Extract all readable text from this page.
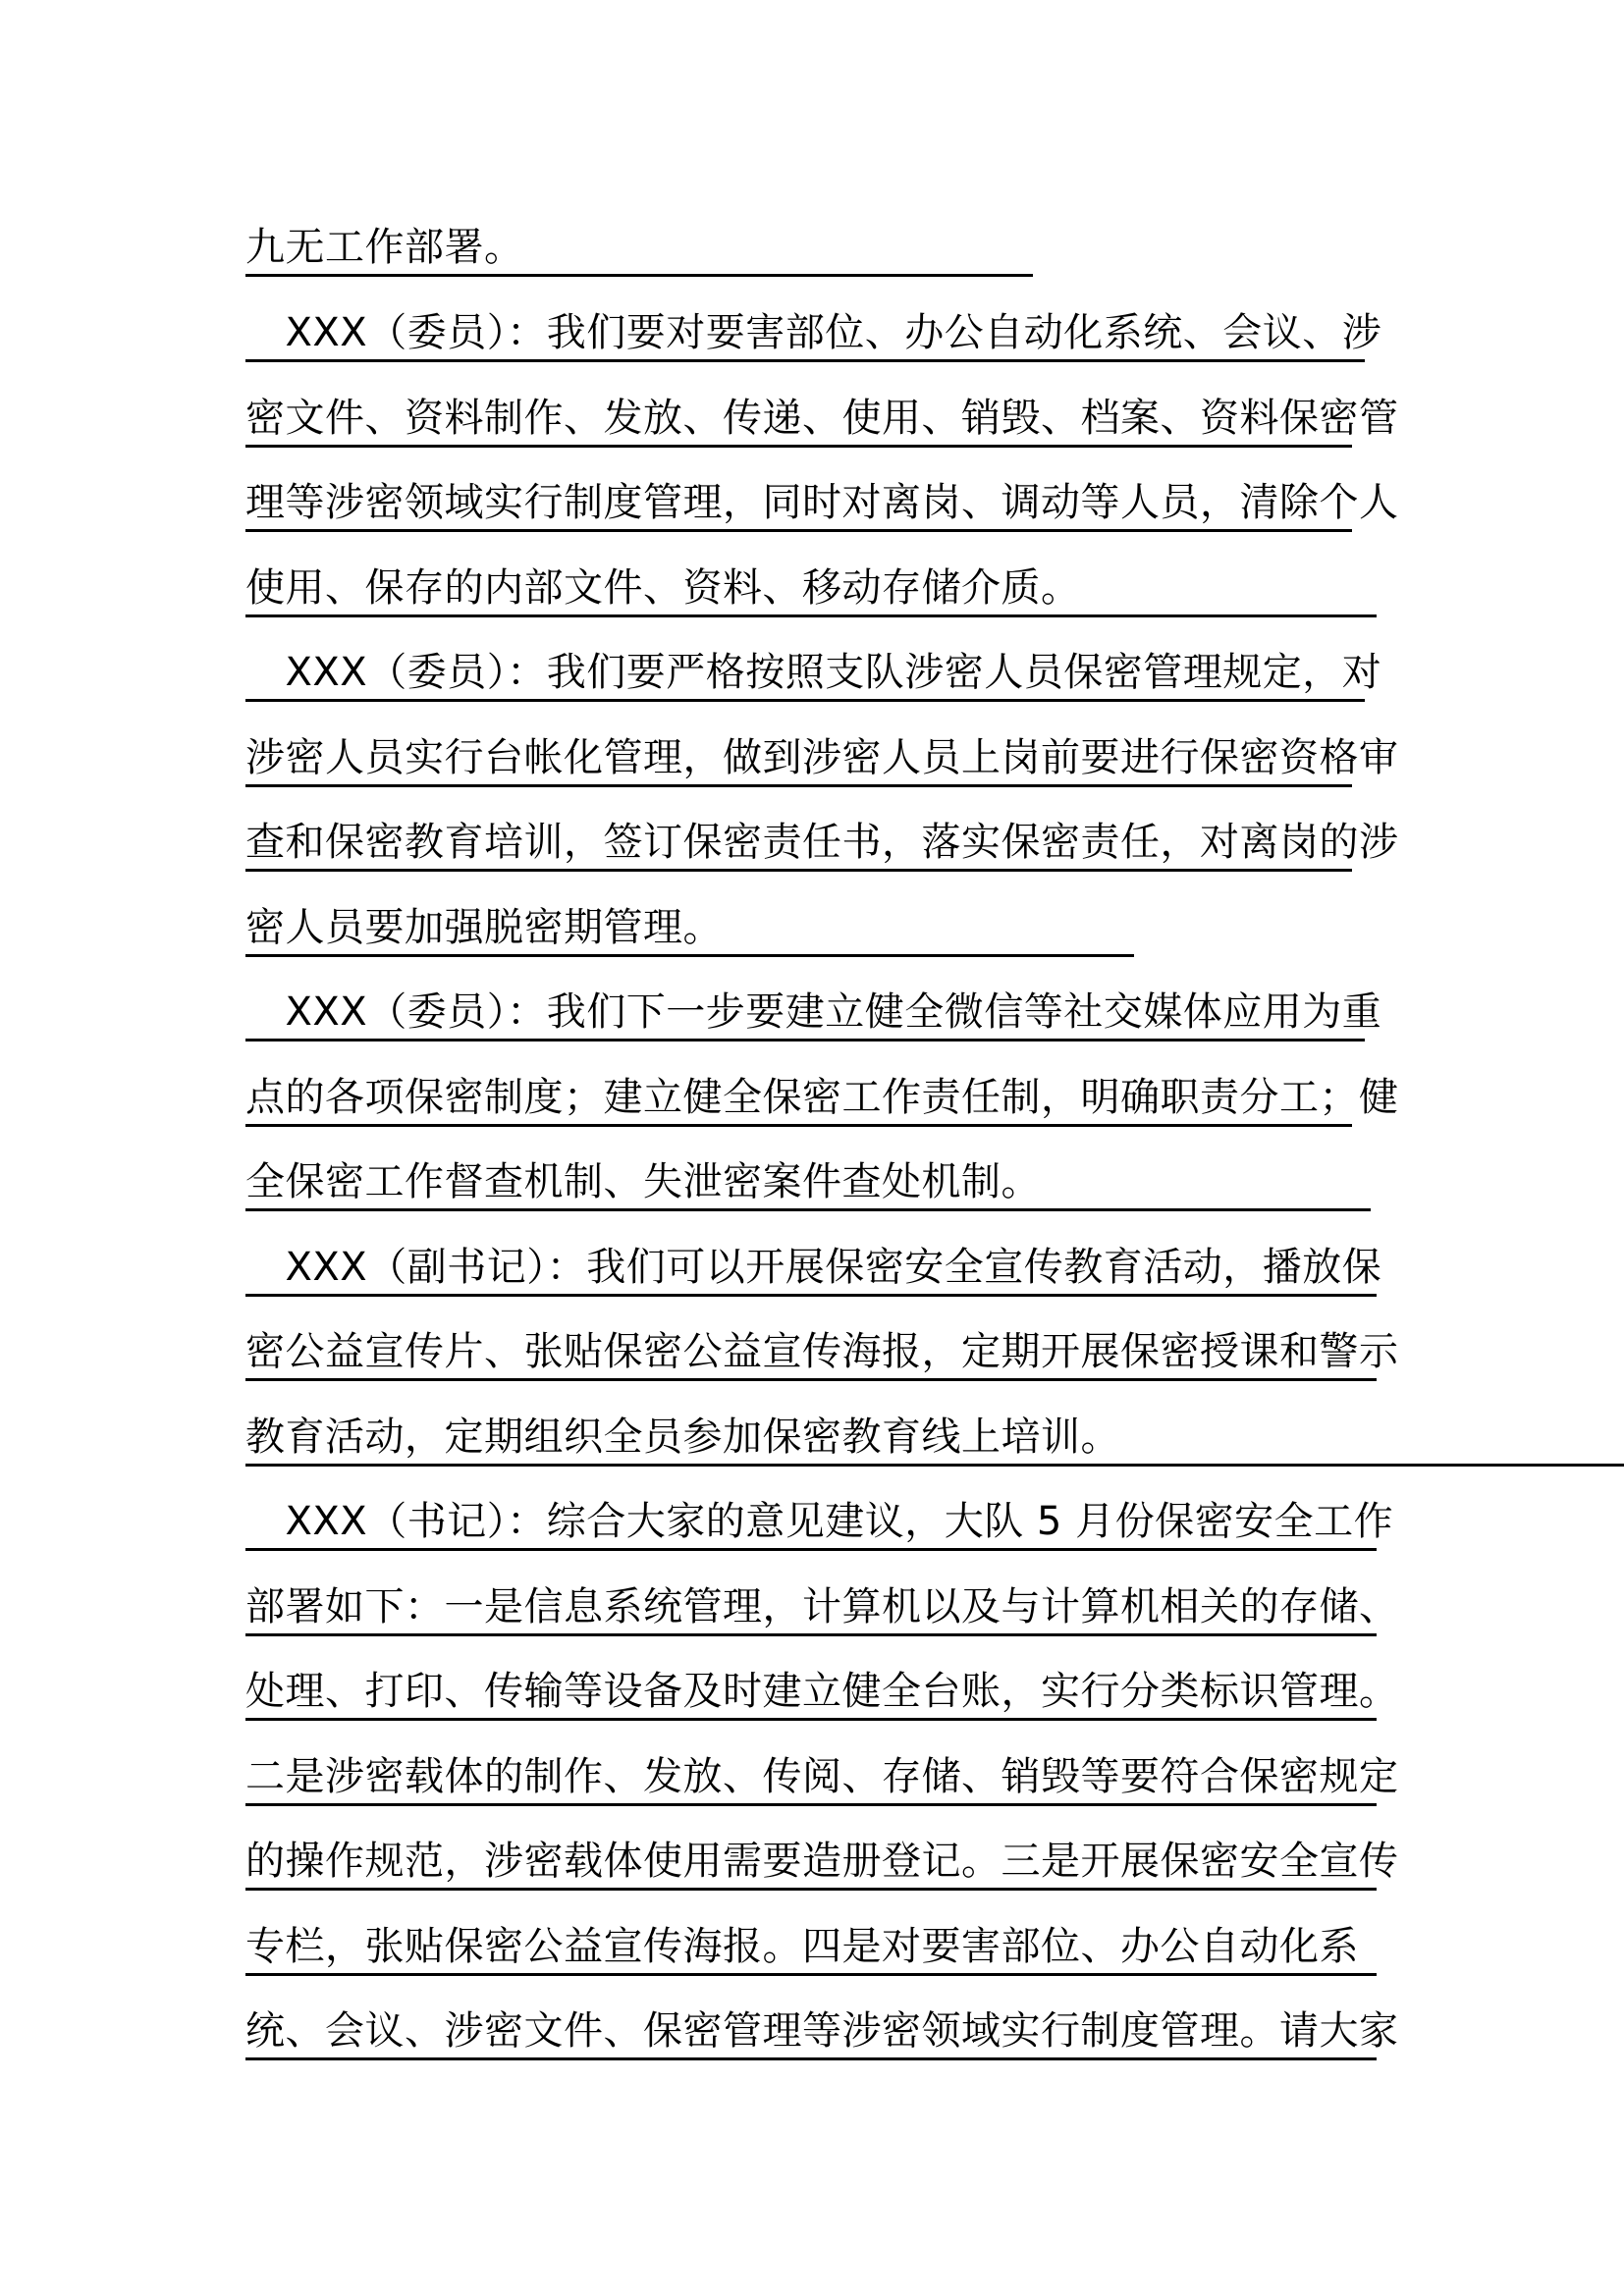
九无工作部署。
　XXX（委员）：我们要对要害部位、办公自动化系统、会议、涉
密文件、资料制作、发放、传递、使用、销毁、档案、资料保密管
理等涉密领域实行制度管理，同时对离岗、调动等人员，清除个人
使用、保存的内部文件、资料、移动存储介质。
　XXX（委员）：我们要严格按照支队涉密人员保密管理规定，对
涉密人员实行台帐化管理，做到涉密人员上岗前要进行保密资格审
查和保密教育培训，签订保密责任书，落实保密责任，对离岗的涉
密人员要加强脱密期管理。
　XXX（委员）：我们下一步要建立健全微信等社交媒体应用为重
点的各项保密制度；建立健全保密工作责任制，明确职责分工；健
全保密工作督查机制、失泄密案件查处机制。
　XXX（副书记）：我们可以开展保密安全宣传教育活动，播放保
密公益宣传片、张贴保密公益宣传海报，定期开展保密授课和警示
教育活动，定期组织全员参加保密教育线上培训。
　XXX（书记）：综合大家的意见建议，大队 5 月份保密安全工作
部署如下：一是信息系统管理，计算机以及与计算机相关的存储、
处理、打印、传输等设备及时建立健全台账，实行分类标识管理。
二是涉密载体的制作、发放、传阅、存储、销毁等要符合保密规定
的操作规范，涉密载体使用需要造册登记。三是开展保密安全宣传
专栏，张贴保密公益宣传海报。四是对要害部位、办公自动化系
统、会议、涉密文件、保密管理等涉密领域实行制度管理。请大家
